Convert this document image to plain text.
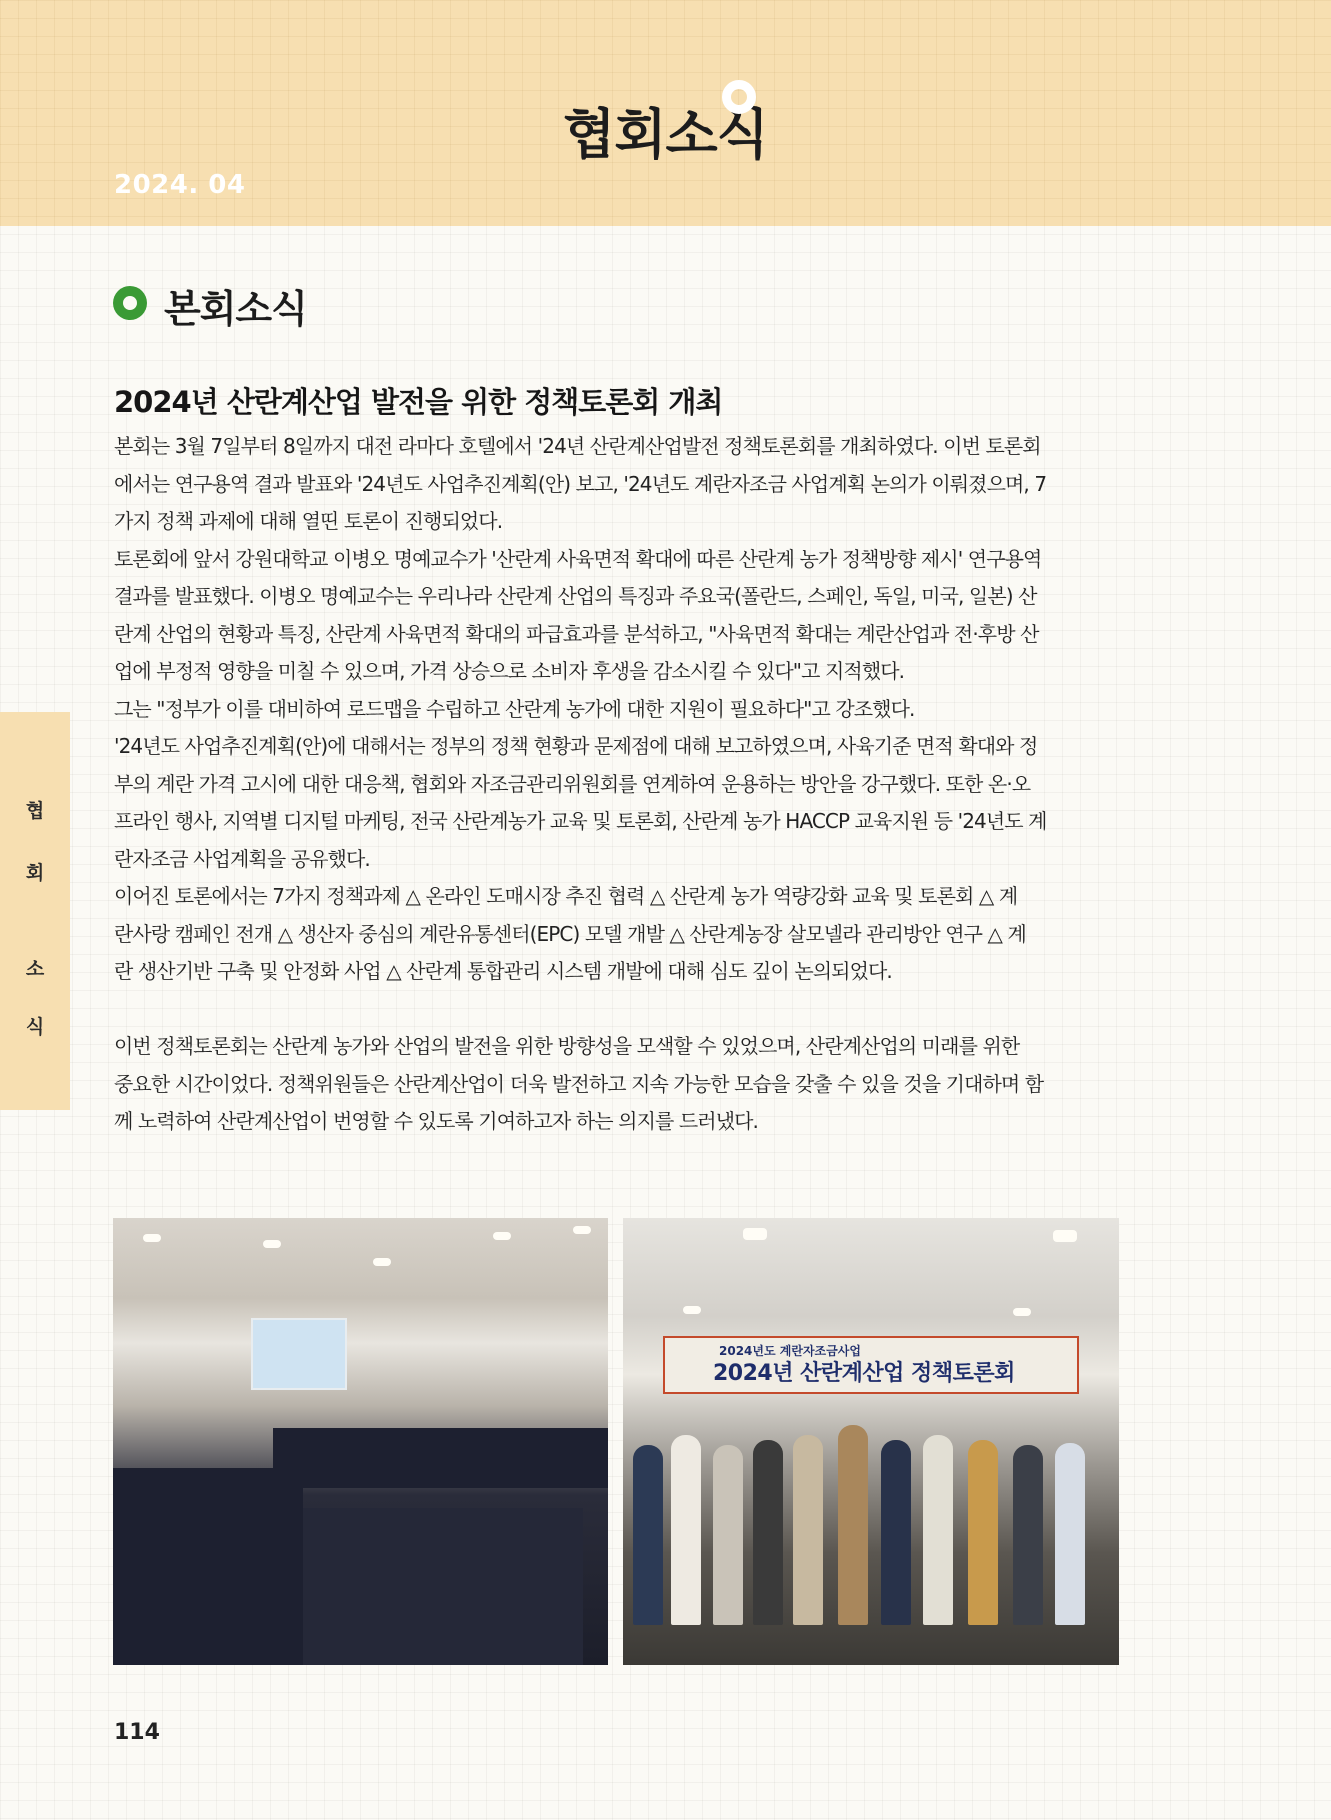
협회소식
2024. 04
협
회
소
식
본회소식
2024년 산란계산업 발전을 위한 정책토론회 개최
본회는 3월 7일부터 8일까지 대전 라마다 호텔에서 '24년 산란계산업발전 정책토론회를 개최하였다. 이번 토론회
에서는 연구용역 결과 발표와 '24년도 사업추진계획(안) 보고, '24년도 계란자조금 사업계획 논의가 이뤄졌으며, 7
가지 정책 과제에 대해 열띤 토론이 진행되었다.
토론회에 앞서 강원대학교 이병오 명예교수가 '산란계 사육면적 확대에 따른 산란계 농가 정책방향 제시' 연구용역
결과를 발표했다. 이병오 명예교수는 우리나라 산란계 산업의 특징과 주요국(폴란드, 스페인, 독일, 미국, 일본) 산
란계 산업의 현황과 특징, 산란계 사육면적 확대의 파급효과를 분석하고, "사육면적 확대는 계란산업과 전·후방 산
업에 부정적 영향을 미칠 수 있으며, 가격 상승으로 소비자 후생을 감소시킬 수 있다"고 지적했다.
그는 "정부가 이를 대비하여 로드맵을 수립하고 산란계 농가에 대한 지원이 필요하다"고 강조했다.
'24년도 사업추진계획(안)에 대해서는 정부의 정책 현황과 문제점에 대해 보고하였으며, 사육기준 면적 확대와 정
부의 계란 가격 고시에 대한 대응책, 협회와 자조금관리위원회를 연계하여 운용하는 방안을 강구했다. 또한 온·오
프라인 행사, 지역별 디지털 마케팅, 전국 산란계농가 교육 및 토론회, 산란계 농가 HACCP 교육지원 등 '24년도 계
란자조금 사업계획을 공유했다.
이어진 토론에서는 7가지 정책과제 △ 온라인 도매시장 추진 협력 △ 산란계 농가 역량강화 교육 및 토론회 △ 계
란사랑 캠페인 전개 △ 생산자 중심의 계란유통센터(EPC) 모델 개발 △ 산란계농장 살모넬라 관리방안 연구 △ 계
란 생산기반 구축 및 안정화 사업 △ 산란계 통합관리 시스템 개발에 대해 심도 깊이 논의되었다.
이번 정책토론회는 산란계 농가와 산업의 발전을 위한 방향성을 모색할 수 있었으며, 산란계산업의 미래를 위한
중요한 시간이었다. 정책위원들은 산란계산업이 더욱 발전하고 지속 가능한 모습을 갖출 수 있을 것을 기대하며 함
께 노력하여 산란계산업이 번영할 수 있도록 기여하고자 하는 의지를 드러냈다.
2024년도 계란자조금사업
2024년 산란계산업 정책토론회
114
